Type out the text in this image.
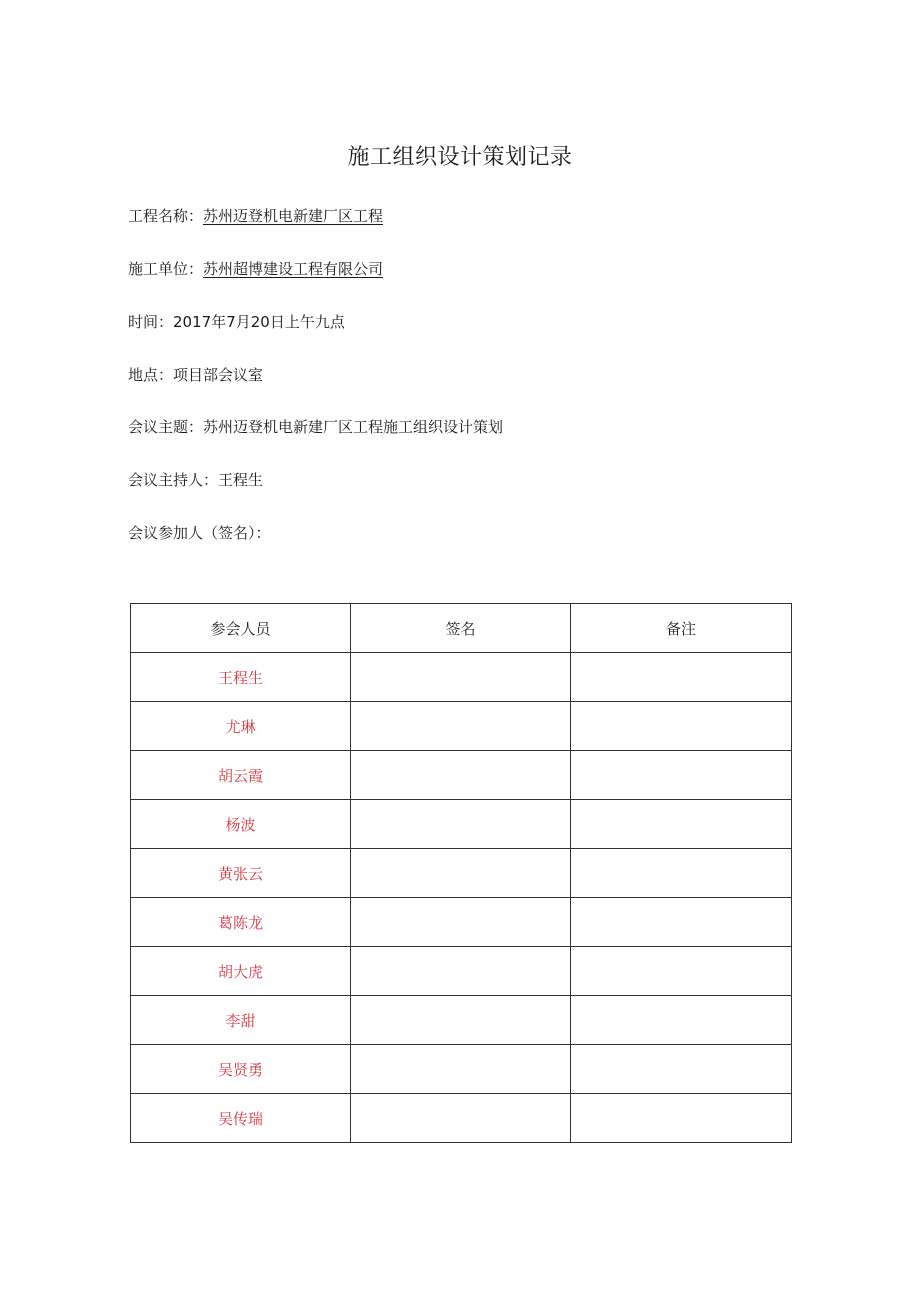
施工组织设计策划记录
工程名称：苏州迈登机电新建厂区工程
施工单位：苏州超博建设工程有限公司
时间：2017年7月20日上午九点
地点：项目部会议室
会议主题：苏州迈登机电新建厂区工程施工组织设计策划
会议主持人：王程生
会议参加人（签名）：
参会人员	签名	备注
王程生		
尤琳		
胡云霞		
杨波		
黄张云		
葛陈龙		
胡大虎		
李甜		
吴贤勇		
吴传瑞		
